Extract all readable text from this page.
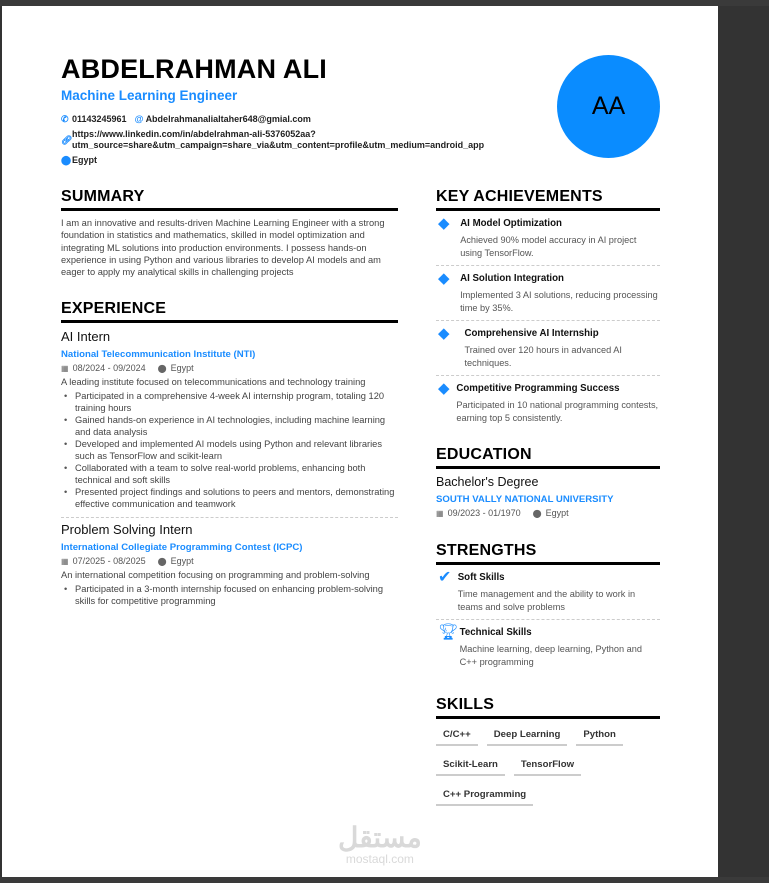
ABDELRAHMAN ALI
Machine Learning Engineer
✆ 01143245961 @ Abdelrahmanalialtaher648@gmial.com
🔗︎
https://www.linkedin.com/in/abdelrahman-ali-5376052aa?
utm_source=share&utm_campaign=share_via&utm_content=profile&utm_medium=android_app
⬤ Egypt
AA
SUMMARY
I am an innovative and results-driven Machine Learning Engineer with a strong foundation in statistics and mathematics, skilled in model optimization and integrating ML solutions into production environments. I possess hands-on experience in using Python and various libraries to develop AI models and am eager to apply my analytical skills in challenging projects
EXPERIENCE
AI Intern
National Telecommunication Institute (NTI)
▦ 08/2024 - 09/2024 ⬤ Egypt
A leading institute focused on telecommunications and technology training
• Participated in a comprehensive 4-week AI internship program, totaling 120 training hours
• Gained hands-on experience in AI technologies, including machine learning and data analysis
• Developed and implemented AI models using Python and relevant libraries such as TensorFlow and scikit-learn
• Collaborated with a team to solve real-world problems, enhancing both technical and soft skills
• Presented project findings and solutions to peers and mentors, demonstrating effective communication and teamwork
Problem Solving Intern
International Collegiate Programming Contest (ICPC)
▦ 07/2025 - 08/2025 ⬤ Egypt
An international competition focusing on programming and problem-solving
• Participated in a 3-month internship focused on enhancing problem-solving skills for competitive programming
KEY ACHIEVEMENTS
◆	AI Model Optimization
Achieved 90% model accuracy in AI project using TensorFlow.
◆	AI Solution Integration
Implemented 3 AI solutions, reducing processing time by 35%.
◆	Comprehensive AI Internship
Trained over 120 hours in advanced AI techniques.
◆ Competitive Programming Success
Participated in 10 national programming contests, earning top 5 consistently.
EDUCATION
Bachelor's Degree
SOUTH VALLY NATIONAL UNIVERSITY
▦ 09/2023 - 01/1970 ⬤ Egypt
STRENGTHS
✔ Soft Skills
Time management and the ability to work in teams and solve problems
🏆︎ Technical Skills
Machine learning, deep learning, Python and C++ programming
SKILLS
C/C++	Deep Learning	Python
Scikit-Learn	TensorFlow
C++ Programming
مستقل
mostaql.com
